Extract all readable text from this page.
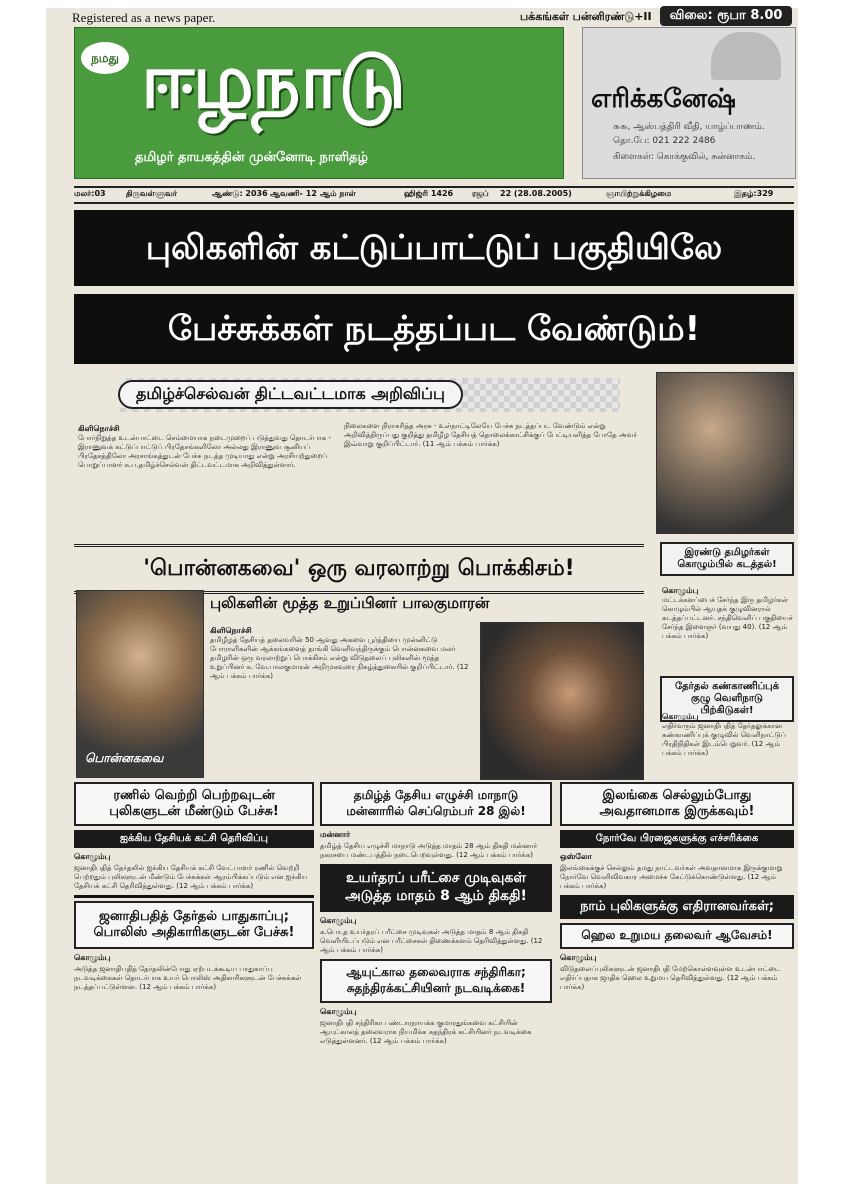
Registered as a news paper.	பக்கங்கள் பன்னிரண்டு+II	விலை: ரூபா 8.00
நமது ஈழநாடு
தமிழர் தாயகத்தின் முன்னோடி நாளிதழ்
எரிக்கனேஷ்
௬௬, ஆஸ்பத்திரி வீதி, யாழ்ப்பாணம்.
தொ.பே: 021 222 2486
கிளைகள்: கொக்குவில், சுன்னாகம்.
மலர்:03	திருவள்ளுவர்	ஆண்டு: 2036 ஆவணி- 12 ஆம் நாள்	ஹிஜ்ரி 1426 ரஜப் 22 (28.08.2005)	ஞாயிற்றுக்கிழமை	இதழ்:329
புலிகளின் கட்டுப்பாட்டுப் பகுதியிலே
பேச்சுக்கள் நடத்தப்பட வேண்டும்!
தமிழ்ச்செல்வன் திட்டவட்டமாக அறிவிப்பு
கிளிநொச்சி
போர்நிறுத்த உடன்பாட்டை செம்மையாக நடைமுறைப் படுத்துவது தொடர்பாக - இராணுவக் கட்டுப்பாட்டுப் பிரதேசங்களிலோ அல்லது இராணுவ சூனியப் பிரதேசத்திலோ அரசாங்கத்துடன் பேச்சு நடத்த முடியாது என்று அரசியற்துறைப் பொறுப்பாளர் சு.ப.தமிழ்ச்செல்வன் திட்டவட்டமாக அறிவித்துள்ளார்.
நிலைகளை நிராகரித்த அரசு - உள்நாட்டிலேயே பேச்சு நடத்தப்பட வேண்டும் என்று அறிவித்திருப்பது குறித்து தமிழீழ தேசியத் தொலைக்காட்சிக்குப் பேட்டியளித்த போதே அவர் இவ்வாறு குறிப்பிட்டார். (11 ஆம் பக்கம் பார்க்க)
'பொன்னகவை' ஒரு வரலாற்று பொக்கிசம்!
பொன்னகவை
புலிகளின் மூத்த உறுப்பினர் பாலகுமாரன்
கிளிநொச்சி
தமிழீழத் தேசியத் தலைவரின் 50 ஆவது அகவை பூர்த்தியை முன்னிட்டு போராளிகளின் ஆக்கங்களைத் தாங்கி வெளிவந்திருக்கும் பொன்னகவை மலர் தமிழரின் ஒரு வரலாற்றுப் பொக்கிசம் என்று விடுதலைப் புலிகளின் மூத்த உறுப்பினர் க. வே.பாலகுமாரன் அறிமுகவுரை நிகழ்த்துகையில் குறிப்பிட்டார். (12 ஆம் பக்கம் பார்க்க)
இரண்டு தமிழர்கள் கொழும்பில் கடத்தல்!
கொழும்பு
மட்டக்களப்பைச் சேர்ந்த இரு தமிழர்கள் கொழும்பில் ஆயுதக் குழுவினரால் கடத்தப்பட்டனர். சந்திவெளிப் பகுதியைச் சேர்ந்த இளைஞர் (வயது 40). (12 ஆம் பக்கம் பார்க்க)
தேர்தல் கண்காணிப்புக் குழு வெளிநாடு பிற்கிடுகள்!
கொழும்பு
எதிர்வரும் ஜனாதிபதித் தேர்தலுக்கான கண்காணிப்புக் குழுவில் வெளிநாட்டுப் பிரதிநிதிகள் இடம்பெறுவர். (12 ஆம் பக்கம் பார்க்க)
ரணில் வெற்றி பெற்றவுடன் புலிகளுடன் மீண்டும் பேச்சு!
ஐக்கிய தேசியக் கட்சி தெரிவிப்பு
கொழும்பு
ஜனாதிபதித் தேர்தலில் ஐக்கிய தேசியக் கட்சி வேட்பாளர் ரணில் வெற்றி பெற்றதும் புலிகளுடன் மீண்டும் பேச்சுக்கள் ஆரம்பிக்கப்படும் என ஐக்கிய தேசியக் கட்சி தெரிவித்துள்ளது. (12 ஆம் பக்கம் பார்க்க)
ஜனாதிபதித் தேர்தல் பாதுகாப்பு; பொலிஸ் அதிகாரிகளுடன் பேச்சு!
கொழும்பு
அடுத்த ஜனாதிபதித் தேர்தலின்போது ஏற்படக்கூடிய பாதுகாப்பு நடவடிக்கைகள் தொடர்பாக உயர் பொலிஸ் அதிகாரிகளுடன் பேச்சுக்கள் நடத்தப்பட்டுள்ளன. (12 ஆம் பக்கம் பார்க்க)
தமிழ்த் தேசிய எழுச்சி மாநாடு மன்னாரில் செப்ரெம்பர் 28 இல்!
மன்னார்
தமிழ்த் தேசிய எழுச்சி மாநாடு அடுத்த மாதம் 28 ஆம் திகதி மன்னார் நகரசபை மண்டபத்தில் நடைபெறவுள்ளது. (12 ஆம் பக்கம் பார்க்க)
உயர்தரப் பரீட்சை முடிவுகள் அடுத்த மாதம் 8 ஆம் திகதி!
கொழும்பு
க.பொ.த உயர்தரப் பரீட்சை முடிவுகள் அடுத்த மாதம் 8 ஆம் திகதி வெளியிடப்படும் என பரீட்சைகள் திணைக்களம் தெரிவித்துள்ளது. (12 ஆம் பக்கம் பார்க்க)
ஆயுட்கால தலைவராக சந்திரிகா; சுதந்திரக்கட்சியினர் நடவடிக்கை!
கொழும்பு
ஜனாதிபதி சந்திரிகா பண்டாரநாயக்க குமாரதுங்கவை கட்சியின் ஆயுட்காலத் தலைவராக நியமிக்க சுதந்திரக் கட்சியினர் நடவடிக்கை எடுத்துள்ளனர். (12 ஆம் பக்கம் பார்க்க)
இலங்கை செல்லும்போது அவதானமாக இருக்கவும்!
நோர்வே பிரஜைகளுக்கு எச்சரிக்கை
ஒஸ்லோ
இலங்கைக்குச் செல்லும் தமது நாட்டவர்கள் அவதானமாக இருக்குமாறு நோர்வே வெளிவிவகார அமைச்சு கேட்டுக்கொண்டுள்ளது. (12 ஆம் பக்கம் பார்க்க)
நாம் புலிகளுக்கு எதிரானவர்கள்;
ஹெல உறுமய தலைவர் ஆவேசம்!
கொழும்பு
விடுதலைப்புலிகளுடன் ஜனாதிபதி மேற்கொள்ளவுள்ள உடன்பாட்டை எதிர்ப்பதாக ஜாதிக ஹெல உறுமய தெரிவித்துள்ளது. (12 ஆம் பக்கம் பார்க்க)
